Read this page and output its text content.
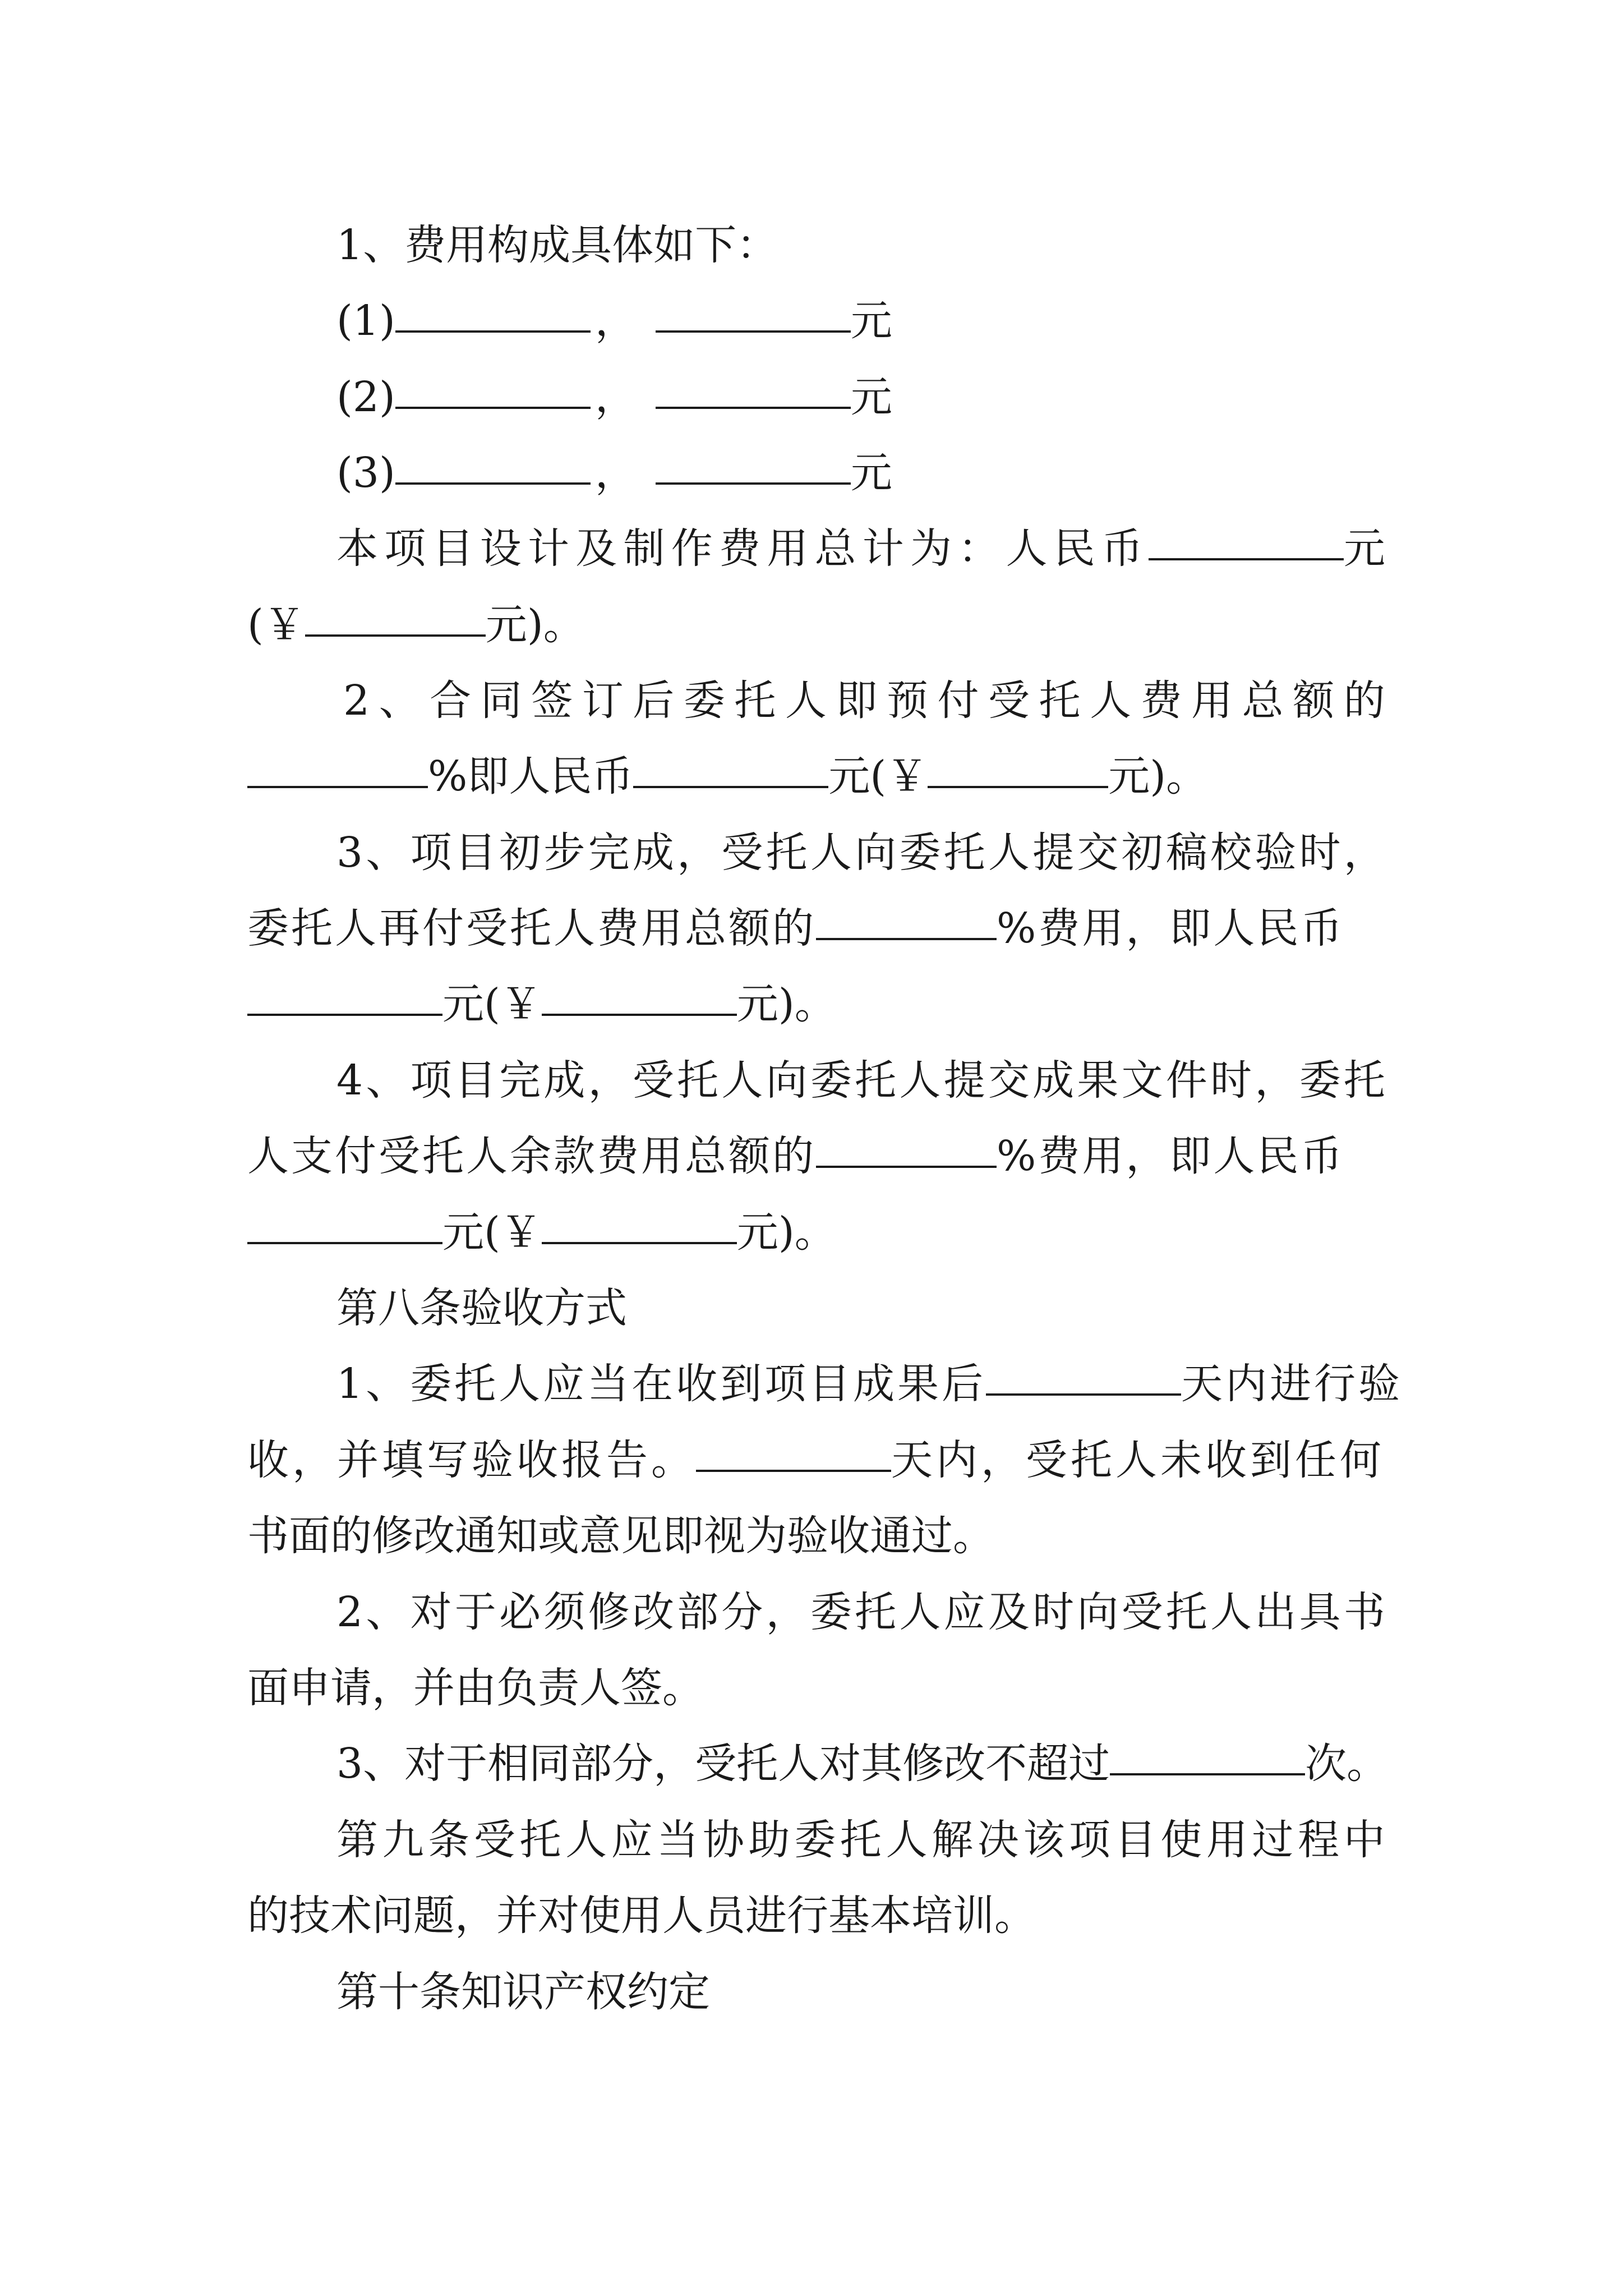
1、费用构成具体如下：
(1)	，	元
(2)	，	元
(3)	，	元
本 项 目 设 计 及 制 作 费 用 总 计 为 ： 人 民 币	元
(￥	元)。
2 、 合 同 签 订 后 委 托 人 即 预 付 受 托 人 费 用 总 额 的
%即人民币	元(￥	元)。
3 、 项 目 初 步 完 成 ， 受 托 人 向 委 托 人 提 交 初 稿 校 验 时 ，
委托人再付受托人费用总额的	%费用，即人民币
元(￥	元)。
4 、 项 目 完 成 ， 受 托 人 向 委 托 人 提 交 成 果 文 件 时 ， 委 托
人支付受托人余款费用总额的	%费用，即人民币
元(￥	元)。
第八条验收方式
1、委托人应当在收到项目成果后	天内进行验
收，并填写验收报告。	天内，受托人未收到任何
书面的修改通知或意见即视为验收通过。
2 、 对 于 必 须 修 改 部 分 ， 委 托 人 应 及 时 向 受 托 人 出 具 书
面申请，并由负责人签。
3、对于相同部分，受托人对其修改不超过	次。
第 九 条 受 托 人 应 当 协 助 委 托 人 解 决 该 项 目 使 用 过 程 中
的技术问题，并对使用人员进行基本培训。
第十条知识产权约定
